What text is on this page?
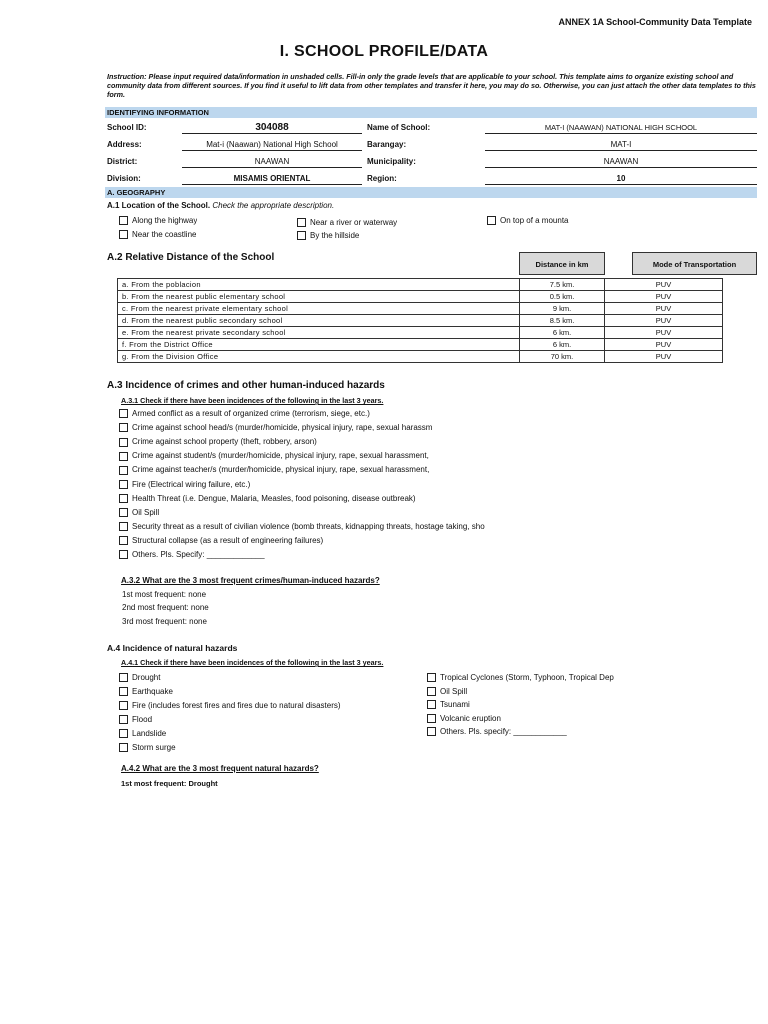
ANNEX 1A School-Community Data Template
I. SCHOOL PROFILE/DATA
Instruction: Please input required data/information in unshaded cells. Fill-in only the grade levels that are applicable to your school. This template aims to organize existing school and community data from different sources. If you find it useful to lift data from other templates and transfer it here, you may do so. Otherwise, you can just attach the other data templates to this form.
IDENTIFYING INFORMATION
School ID:	304088	Name of School:	MAT-I (NAAWAN) NATIONAL HIGH SCHOOL
Address:	Mat-i (Naawan) National High School	Barangay:	MAT-I
District:	NAAWAN	Municipality:	NAAWAN
Division:	MISAMIS ORIENTAL	Region:	10
A. GEOGRAPHY
A.1 Location of the School. Check the appropriate description.
Along the highway
Near the coastline
Near a river or waterway
By the hillside
On top of a mounta
A.2 Relative Distance of the School
Distance in km	Mode of Transportation
a. From the poblacion	7.5 km.	PUV
b. From the nearest public elementary school	0.5 km.	PUV
c. From the nearest private elementary school	9 km.	PUV
d. From the nearest public secondary school	8.5 km.	PUV
e. From the nearest private secondary school	6 km.	PUV
f. From the District Office	6 km.	PUV
g. From the Division Office	70 km.	PUV
A.3 Incidence of crimes and other human-induced hazards
A.3.1 Check if there have been incidences of the following in the last 3 years.
Armed conflict as a result of organized crime (terrorism, siege, etc.)
Crime against school head/s (murder/homicide, physical injury, rape, sexual harassm
Crime against school property (theft, robbery, arson)
Crime against student/s (murder/homicide, physical injury, rape, sexual harassment,
Crime against teacher/s (murder/homicide, physical injury, rape, sexual harassment,
Fire (Electrical wiring failure, etc.)
Health Threat (i.e. Dengue, Malaria, Measles, food poisoning, disease outbreak)
Oil Spill
Security threat as a result of civilian violence (bomb threats, kidnapping threats, hostage taking, sho
Structural collapse (as a result of engineering failures)
Others. Pls. Specify: _____________
A.3.2 What are the 3 most frequent crimes/human-induced hazards?
1st most frequent: none
2nd most frequent: none
3rd most frequent: none
A.4 Incidence of natural hazards
A.4.1 Check if there have been incidences of the following in the last 3 years.
Drought
Earthquake
Fire (includes forest fires and fires due to natural disasters)
Flood
Landslide
Storm surge
Tropical Cyclones (Storm, Typhoon, Tropical Dep
Oil Spill
Tsunami
Volcanic eruption
Others. Pls. specify: ____________
A.4.2 What are the 3 most frequent natural hazards?
1st most frequent: Drought
